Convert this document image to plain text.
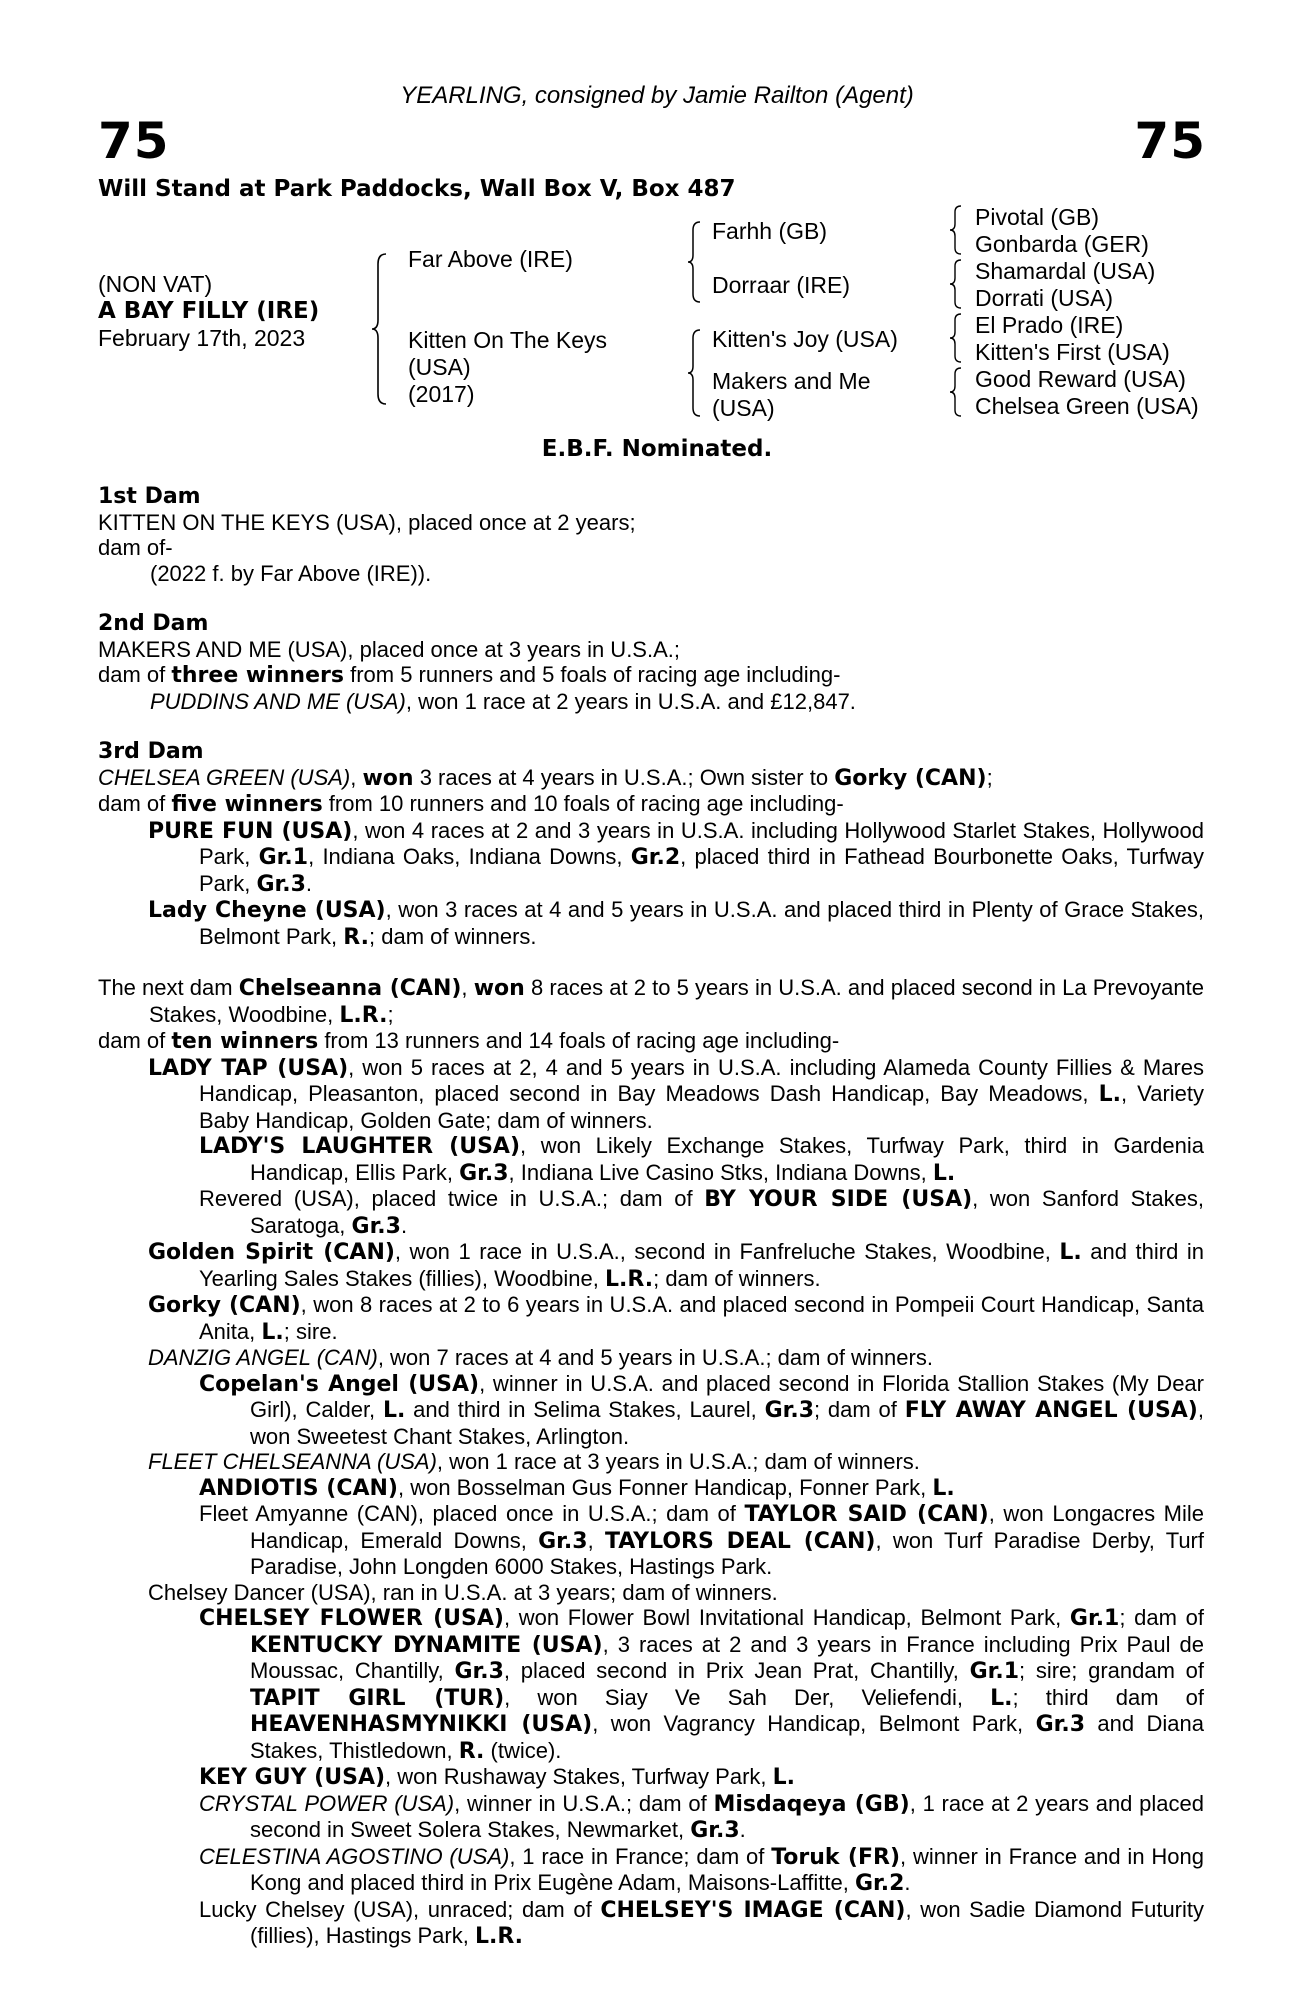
YEARLING, consigned by Jamie Railton (Agent)
75	75
Will Stand at Park Paddocks, Wall Box V, Box 487
(NON VAT)
A BAY FILLY (IRE)
February 17th, 2023
Far Above (IRE)
Kitten On The Keys
(USA)
(2017)
Farhh (GB)
Dorraar (IRE)
Kitten's Joy (USA)
Makers and Me
(USA)
Pivotal (GB)
Gonbarda (GER)
Shamardal (USA)
Dorrati (USA)
El Prado (IRE)
Kitten's First (USA)
Good Reward (USA)
Chelsea Green (USA)
E.B.F. Nominated.
1st Dam
KITTEN ON THE KEYS (USA), placed once at 2 years;
dam of-
(2022 f. by Far Above (IRE)).
2nd Dam
MAKERS AND ME (USA), placed once at 3 years in U.S.A.;
dam of three winners from 5 runners and 5 foals of racing age including-
PUDDINS AND ME (USA), won 1 race at 2 years in U.S.A. and £12,847.
3rd Dam
CHELSEA GREEN (USA), won 3 races at 4 years in U.S.A.; Own sister to Gorky (CAN);
dam of five winners from 10 runners and 10 foals of racing age including-
PURE FUN (USA), won 4 races at 2 and 3 years in U.S.A. including Hollywood Starlet Stakes, Hollywood Park, Gr.1, Indiana Oaks, Indiana Downs, Gr.2, placed third in Fathead Bourbonette Oaks, Turfway Park, Gr.3.
Lady Cheyne (USA), won 3 races at 4 and 5 years in U.S.A. and placed third in Plenty of Grace Stakes, Belmont Park, R.; dam of winners.
The next dam Chelseanna (CAN), won 8 races at 2 to 5 years in U.S.A. and placed second in La Prevoyante Stakes, Woodbine, L.R.;
dam of ten winners from 13 runners and 14 foals of racing age including-
LADY TAP (USA), won 5 races at 2, 4 and 5 years in U.S.A. including Alameda County Fillies & Mares Handicap, Pleasanton, placed second in Bay Meadows Dash Handicap, Bay Meadows, L., Variety Baby Handicap, Golden Gate; dam of winners.
LADY'S LAUGHTER (USA), won Likely Exchange Stakes, Turfway Park, third in Gardenia Handicap, Ellis Park, Gr.3, Indiana Live Casino Stks, Indiana Downs, L.
Revered (USA), placed twice in U.S.A.; dam of BY YOUR SIDE (USA), won Sanford Stakes, Saratoga, Gr.3.
Golden Spirit (CAN), won 1 race in U.S.A., second in Fanfreluche Stakes, Woodbine, L. and third in Yearling Sales Stakes (fillies), Woodbine, L.R.; dam of winners.
Gorky (CAN), won 8 races at 2 to 6 years in U.S.A. and placed second in Pompeii Court Handicap, Santa Anita, L.; sire.
DANZIG ANGEL (CAN), won 7 races at 4 and 5 years in U.S.A.; dam of winners.
Copelan's Angel (USA), winner in U.S.A. and placed second in Florida Stallion Stakes (My Dear Girl), Calder, L. and third in Selima Stakes, Laurel, Gr.3; dam of FLY AWAY ANGEL (USA), won Sweetest Chant Stakes, Arlington.
FLEET CHELSEANNA (USA), won 1 race at 3 years in U.S.A.; dam of winners.
ANDIOTIS (CAN), won Bosselman Gus Fonner Handicap, Fonner Park, L.
Fleet Amyanne (CAN), placed once in U.S.A.; dam of TAYLOR SAID (CAN), won Longacres Mile Handicap, Emerald Downs, Gr.3, TAYLORS DEAL (CAN), won Turf Paradise Derby, Turf Paradise, John Longden 6000 Stakes, Hastings Park.
Chelsey Dancer (USA), ran in U.S.A. at 3 years; dam of winners.
CHELSEY FLOWER (USA), won Flower Bowl Invitational Handicap, Belmont Park, Gr.1; dam of KENTUCKY DYNAMITE (USA), 3 races at 2 and 3 years in France including Prix Paul de Moussac, Chantilly, Gr.3, placed second in Prix Jean Prat, Chantilly, Gr.1; sire; grandam of TAPIT GIRL (TUR), won Siay Ve Sah Der, Veliefendi, L.; third dam of HEAVENHASMYNIKKI (USA), won Vagrancy Handicap, Belmont Park, Gr.3 and Diana Stakes, Thistledown, R. (twice).
KEY GUY (USA), won Rushaway Stakes, Turfway Park, L.
CRYSTAL POWER (USA), winner in U.S.A.; dam of Misdaqeya (GB), 1 race at 2 years and placed second in Sweet Solera Stakes, Newmarket, Gr.3.
CELESTINA AGOSTINO (USA), 1 race in France; dam of Toruk (FR), winner in France and in Hong Kong and placed third in Prix Eugène Adam, Maisons-Laffitte, Gr.2.
Lucky Chelsey (USA), unraced; dam of CHELSEY'S IMAGE (CAN), won Sadie Diamond Futurity (fillies), Hastings Park, L.R.
